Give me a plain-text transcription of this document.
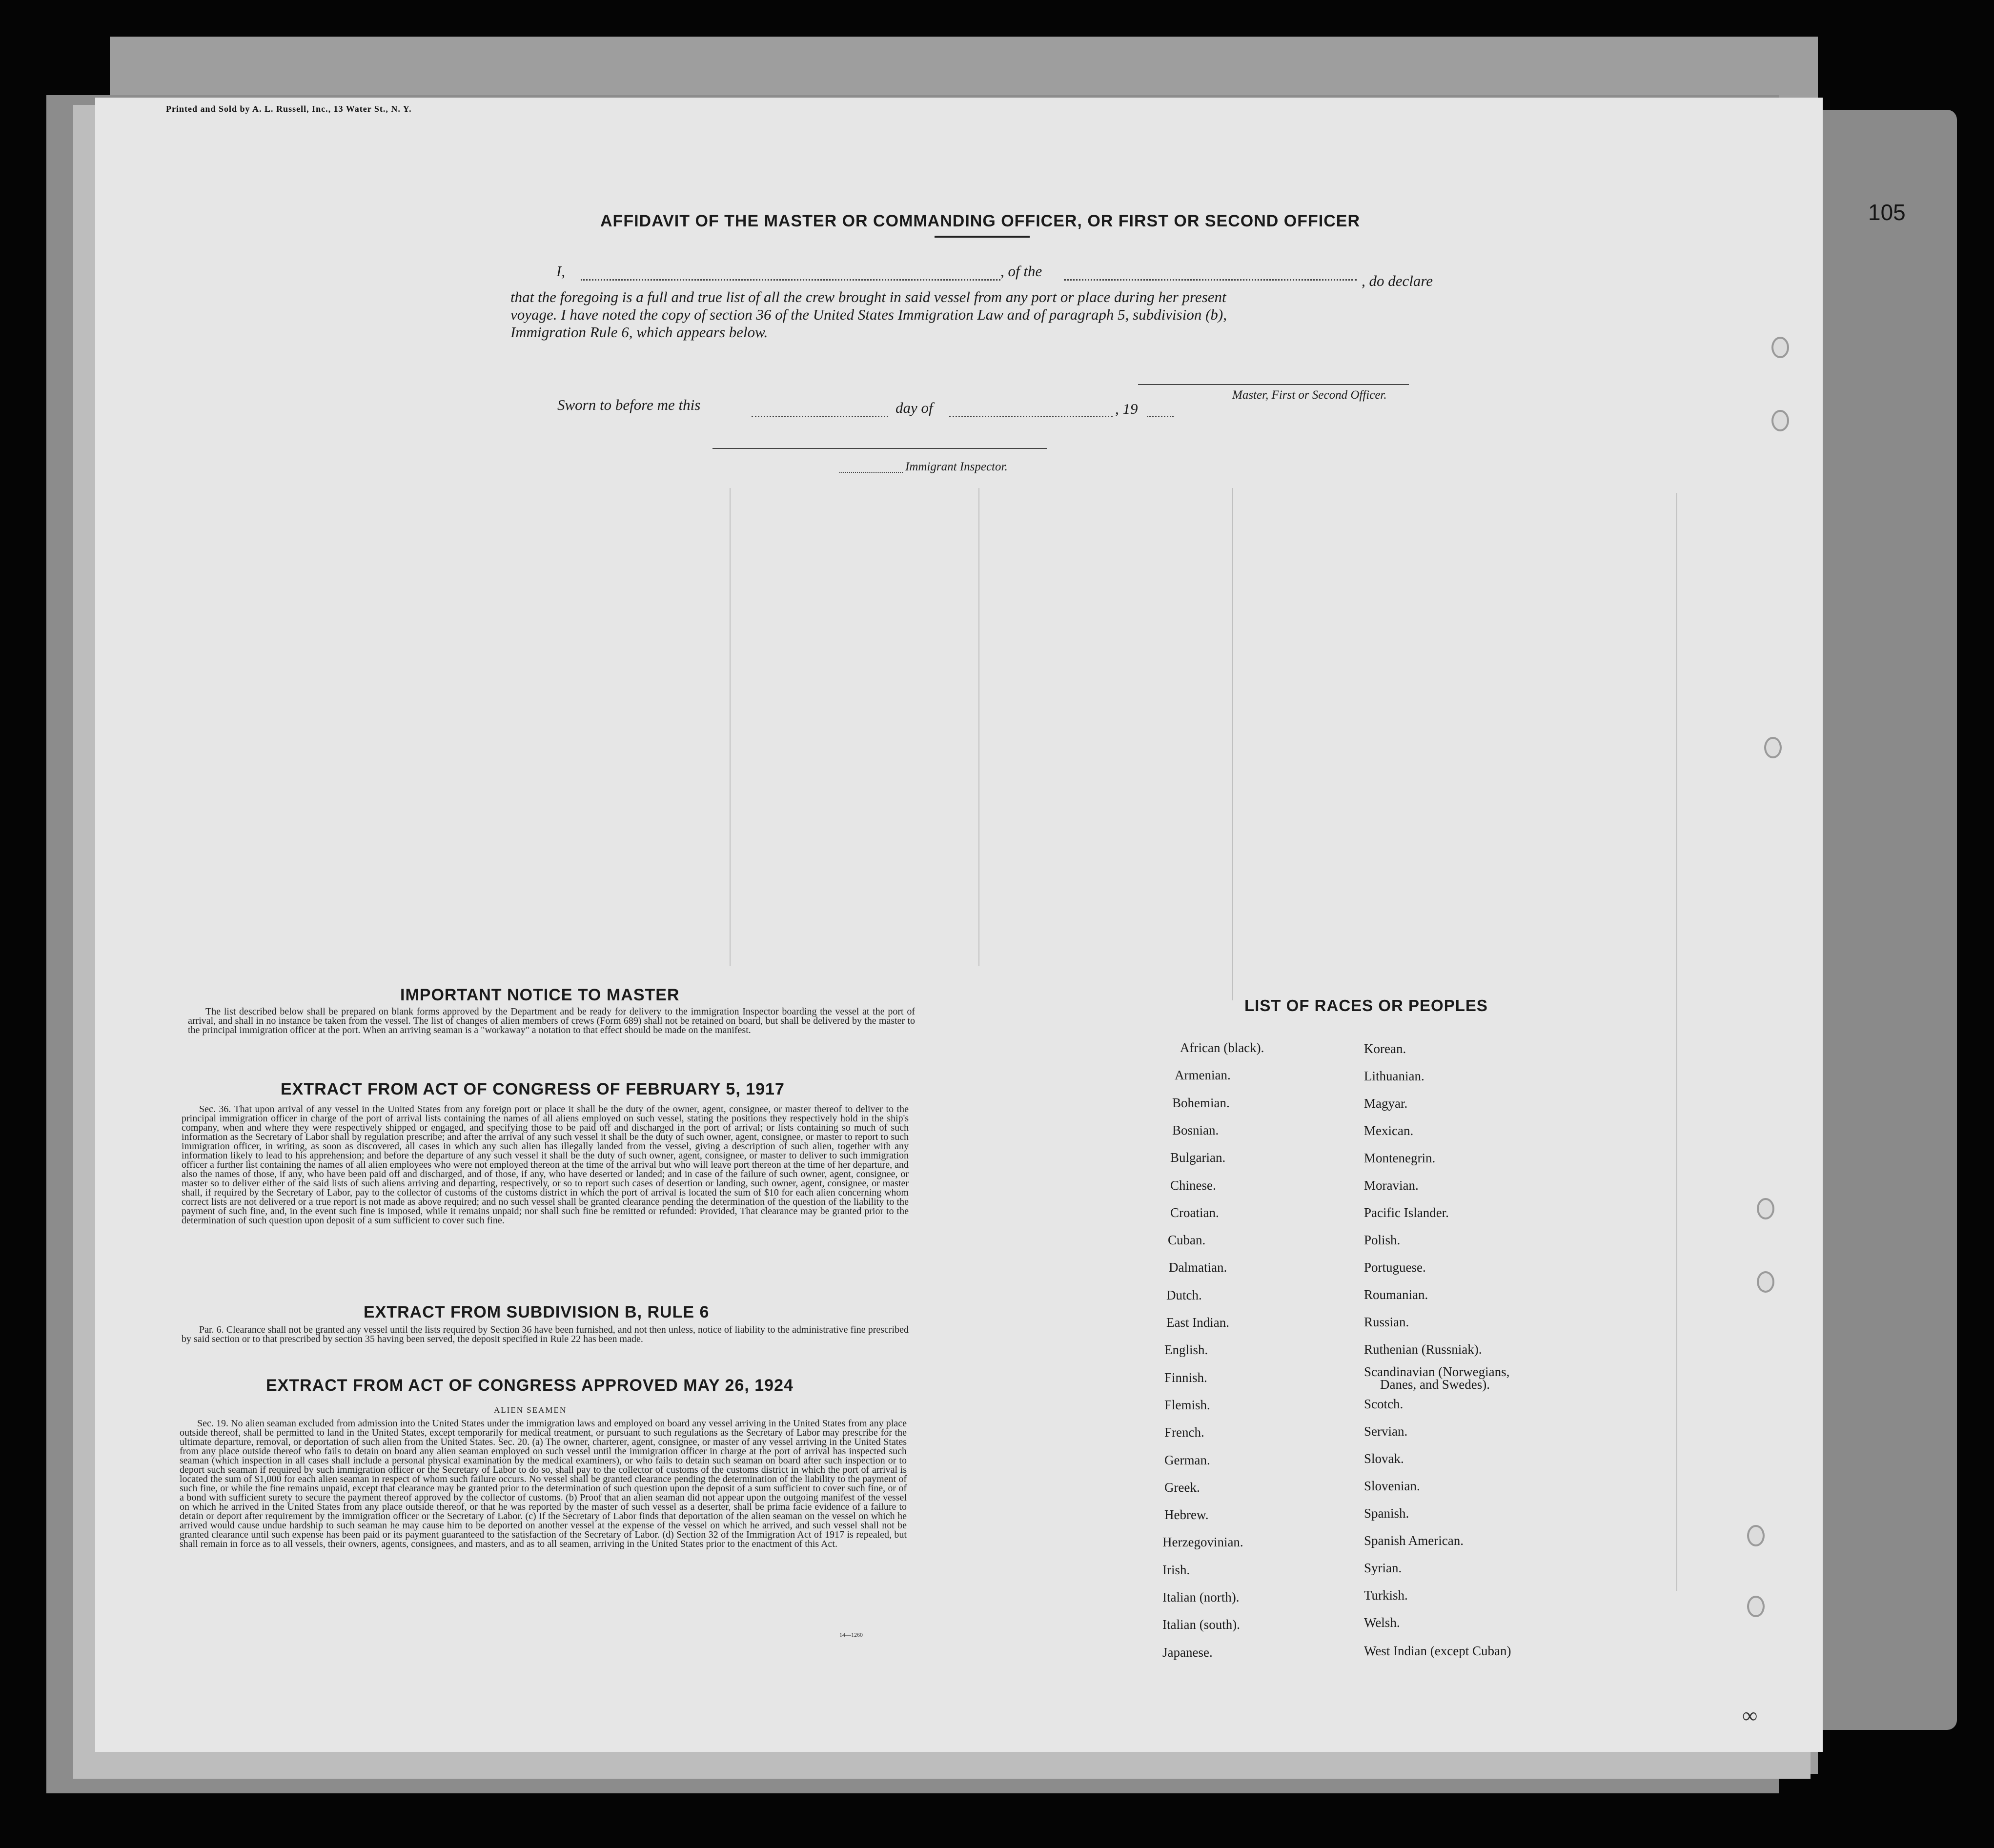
Printed and Sold by A. L. Russell, Inc., 13 Water St., N. Y.
105
AFFIDAVIT OF THE MASTER OR COMMANDING OFFICER, OR FIRST OR SECOND OFFICER
I,	, of the
, do declare
that the foregoing is a full and true list of all the crew brought in said vessel from any port or place during her present
voyage. I have noted the copy of section 36 of the United States Immigration Law and of paragraph 5, subdivision (b),
Immigration Rule 6, which appears below.
Master, First or Second Officer.
Sworn to before me this	day of	, 19
Immigrant Inspector.
IMPORTANT NOTICE TO MASTER
The list described below shall be prepared on blank forms approved by the Department and be ready for delivery to the immigration Inspector boarding the vessel at the port of arrival, and shall in no instance be taken from the vessel. The list of changes of alien members of crews (Form 689) shall not be retained on board, but shall be delivered by the master to the principal immigration officer at the port. When an arriving seaman is a "workaway" a notation to that effect should be made on the manifest.
EXTRACT FROM ACT OF CONGRESS OF FEBRUARY 5, 1917
Sec. 36. That upon arrival of any vessel in the United States from any foreign port or place it shall be the duty of the owner, agent, consignee, or master thereof to deliver to the principal immigration officer in charge of the port of arrival lists containing the names of all aliens employed on such vessel, stating the positions they respectively hold in the ship's company, when and where they were respectively shipped or engaged, and specifying those to be paid off and discharged in the port of arrival; or lists containing so much of such information as the Secretary of Labor shall by regulation prescribe; and after the arrival of any such vessel it shall be the duty of such owner, agent, consignee, or master to report to such immigration officer, in writing, as soon as discovered, all cases in which any such alien has illegally landed from the vessel, giving a description of such alien, together with any information likely to lead to his apprehension; and before the departure of any such vessel it shall be the duty of such owner, agent, consignee, or master to deliver to such immigration officer a further list containing the names of all alien employees who were not employed thereon at the time of the arrival but who will leave port thereon at the time of her departure, and also the names of those, if any, who have been paid off and discharged, and of those, if any, who have deserted or landed; and in case of the failure of such owner, agent, consignee, or master so to deliver either of the said lists of such aliens arriving and departing, respectively, or so to report such cases of desertion or landing, such owner, agent, consignee, or master shall, if required by the Secretary of Labor, pay to the collector of customs of the customs district in which the port of arrival is located the sum of $10 for each alien concerning whom correct lists are not delivered or a true report is not made as above required; and no such vessel shall be granted clearance pending the determination of the question of the liability to the payment of such fine, and, in the event such fine is imposed, while it remains unpaid; nor shall such fine be remitted or refunded: Provided, That clearance may be granted prior to the determination of such question upon deposit of a sum sufficient to cover such fine.
EXTRACT FROM SUBDIVISION B, RULE 6
Par. 6. Clearance shall not be granted any vessel until the lists required by Section 36 have been furnished, and not then unless, notice of liability to the administrative fine prescribed by said section or to that prescribed by section 35 having been served, the deposit specified in Rule 22 has been made.
EXTRACT FROM ACT OF CONGRESS APPROVED MAY 26, 1924
ALIEN SEAMEN
Sec. 19. No alien seaman excluded from admission into the United States under the immigration laws and employed on board any vessel arriving in the United States from any place outside thereof, shall be permitted to land in the United States, except temporarily for medical treatment, or pursuant to such regulations as the Secretary of Labor may prescribe for the ultimate departure, removal, or deportation of such alien from the United States. Sec. 20. (a) The owner, charterer, agent, consignee, or master of any vessel arriving in the United States from any place outside thereof who fails to detain on board any alien seaman employed on such vessel until the immigration officer in charge at the port of arrival has inspected such seaman (which inspection in all cases shall include a personal physical examination by the medical examiners), or who fails to detain such seaman on board after such inspection or to deport such seaman if required by such immigration officer or the Secretary of Labor to do so, shall pay to the collector of customs of the customs district in which the port of arrival is located the sum of $1,000 for each alien seaman in respect of whom such failure occurs. No vessel shall be granted clearance pending the determination of the liability to the payment of such fine, or while the fine remains unpaid, except that clearance may be granted prior to the determination of such question upon the deposit of a sum sufficient to cover such fine, or of a bond with sufficient surety to secure the payment thereof approved by the collector of customs. (b) Proof that an alien seaman did not appear upon the outgoing manifest of the vessel on which he arrived in the United States from any place outside thereof, or that he was reported by the master of such vessel as a deserter, shall be prima facie evidence of a failure to detain or deport after requirement by the immigration officer or the Secretary of Labor. (c) If the Secretary of Labor finds that deportation of the alien seaman on the vessel on which he arrived would cause undue hardship to such seaman he may cause him to be deported on another vessel at the expense of the vessel on which he arrived, and such vessel shall not be granted clearance until such expense has been paid or its payment guaranteed to the satisfaction of the Secretary of Labor. (d) Section 32 of the Immigration Act of 1917 is repealed, but shall remain in force as to all vessels, their owners, agents, consignees, and masters, and as to all seamen, arriving in the United States prior to the enactment of this Act.
14—1260
LIST OF RACES OR PEOPLES
African (black).
Armenian.
Bohemian.
Bosnian.
Bulgarian.
Chinese.
Croatian.
Cuban.
Dalmatian.
Dutch.
East Indian.
English.
Finnish.
Flemish.
French.
German.
Greek.
Hebrew.
Herzegovinian.
Irish.
Italian (north).
Italian (south).
Japanese.
Korean.
Lithuanian.
Magyar.
Mexican.
Montenegrin.
Moravian.
Pacific Islander.
Polish.
Portuguese.
Roumanian.
Russian.
Ruthenian (Russniak).
Scandinavian (Norwegians,
Danes, and Swedes).
Scotch.
Servian.
Slovak.
Slovenian.
Spanish.
Spanish American.
Syrian.
Turkish.
Welsh.
West Indian (except Cuban)
∞
